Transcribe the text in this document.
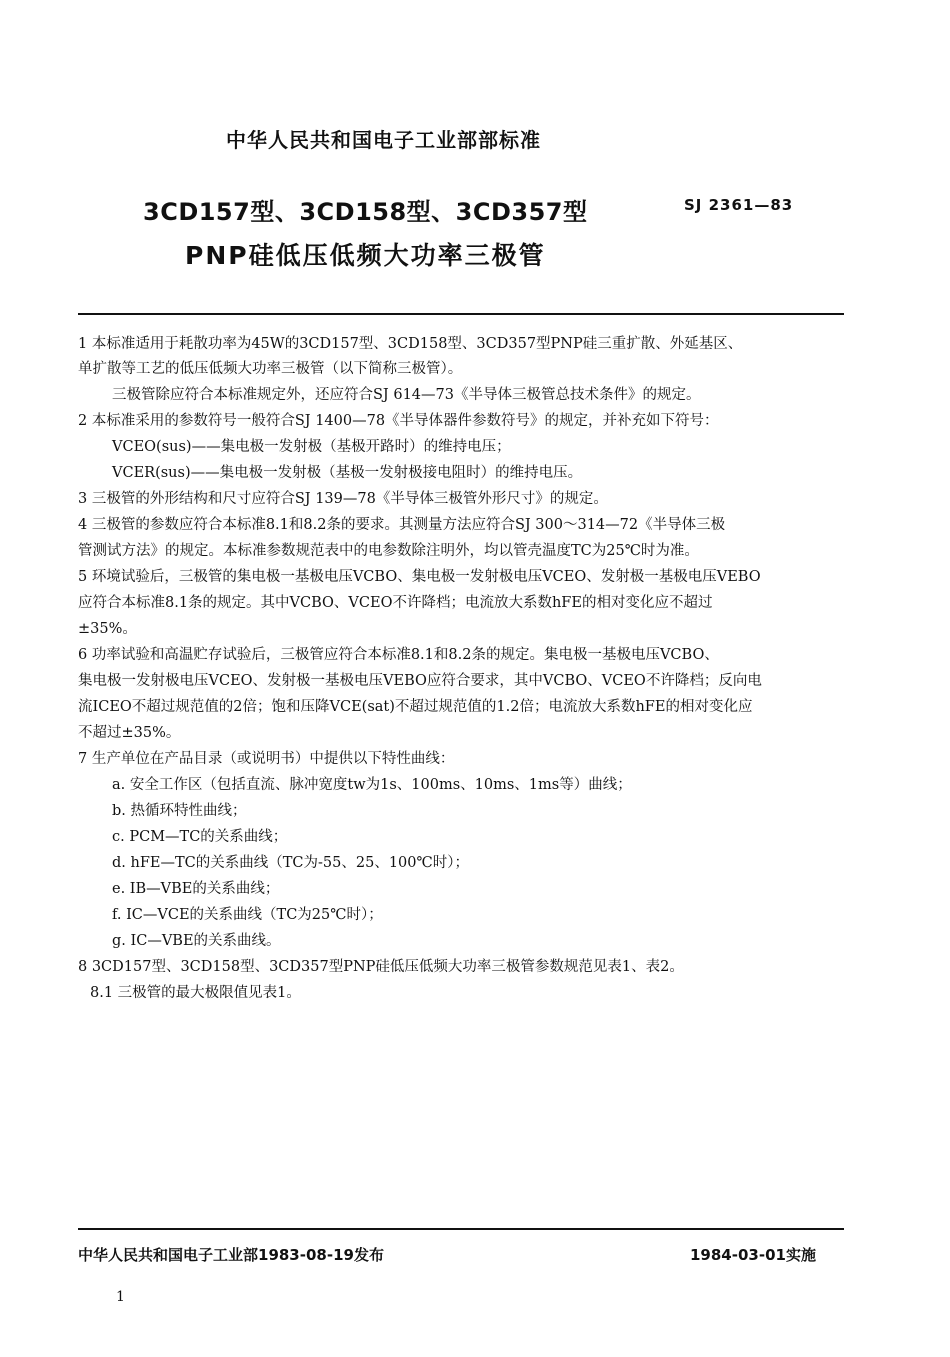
中华人民共和国电子工业部部标准
3CD157型、3CD158型、3CD357型
PNP硅低压低频大功率三极管
SJ 2361—83
1 本标准适用于耗散功率为45W的3CD157型、3CD158型、3CD357型PNP硅三重扩散、外延基区、
单扩散等工艺的低压低频大功率三极管（以下简称三极管）。
三极管除应符合本标准规定外，还应符合SJ 614—73《半导体三极管总技术条件》的规定。
2 本标准采用的参数符号一般符合SJ 1400—78《半导体器件参数符号》的规定，并补充如下符号：
VCEO(sus)——集电极一发射极（基极开路时）的维持电压；
VCER(sus)——集电极一发射极（基极一发射极接电阻时）的维持电压。
3 三极管的外形结构和尺寸应符合SJ 139—78《半导体三极管外形尺寸》的规定。
4 三极管的参数应符合本标准8.1和8.2条的要求。其测量方法应符合SJ 300～314—72《半导体三极
管测试方法》的规定。本标准参数规范表中的电参数除注明外，均以管壳温度TC为25℃时为准。
5 环境试验后，三极管的集电极一基极电压VCBO、集电极一发射极电压VCEO、发射极一基极电压VEBO
应符合本标准8.1条的规定。其中VCBO、VCEO不许降档；电流放大系数hFE的相对变化应不超过
±35%。
6 功率试验和高温贮存试验后，三极管应符合本标准8.1和8.2条的规定。集电极一基极电压VCBO、
集电极一发射极电压VCEO、发射极一基极电压VEBO应符合要求，其中VCBO、VCEO不许降档；反向电
流ICEO不超过规范值的2倍；饱和压降VCE(sat)不超过规范值的1.2倍；电流放大系数hFE的相对变化应
不超过±35%。
7 生产单位在产品目录（或说明书）中提供以下特性曲线：
a. 安全工作区（包括直流、脉冲宽度tw为1s、100ms、10ms、1ms等）曲线；
b. 热循环特性曲线；
c. PCM—TC的关系曲线；
d. hFE—TC的关系曲线（TC为-55、25、100℃时）；
e. IB—VBE的关系曲线；
f. IC—VCE的关系曲线（TC为25℃时）；
g. IC—VBE的关系曲线。
8 3CD157型、3CD158型、3CD357型PNP硅低压低频大功率三极管参数规范见表1、表2。
8.1 三极管的最大极限值见表1。
中华人民共和国电子工业部1983-08-19发布	1984-03-01实施
1
